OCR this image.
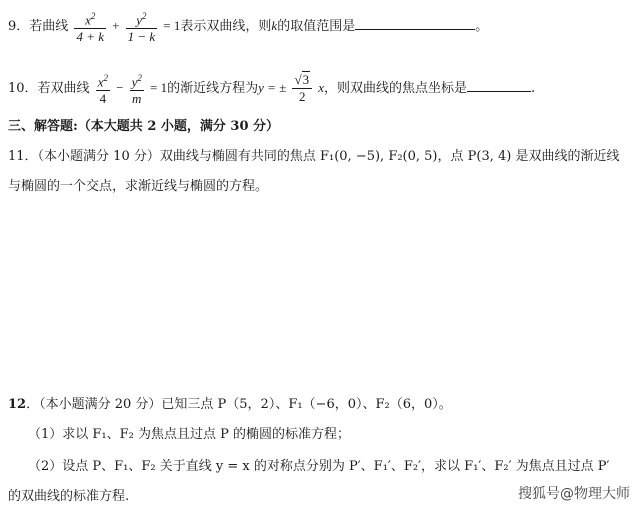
9．若曲线 $\frac{x^2}{4 + k} + \frac{y^2}{1 - k} = 1$表示双曲线，则k的取值范围是	。
10．若双曲线 $\frac{x^2}{4} - \frac{y^2}{m} = 1$的渐近线方程为y = ± $\frac{√3}{2}$ x，则双曲线的焦点坐标是	.
三、解答题:（本大题共 2 小题，满分 30 分）
11．（本小题满分 10 分）双曲线与椭圆有共同的焦点 F₁(0, −5), F₂(0, 5)，点 P(3, 4) 是双曲线的渐近线
与椭圆的一个交点，求渐近线与椭圆的方程。
12．（本小题满分 20 分）已知三点 P（5，2）、F₁（−6，0）、F₂（6，0）。
（1）求以 F₁、F₂ 为焦点且过点 P 的椭圆的标准方程；
（2）设点 P、F₁、F₂ 关于直线 y = x 的对称点分别为 P′、F₁′、F₂′，求以 F₁′、F₂′ 为焦点且过点 P′
的双曲线的标准方程.	搜狐号@物理大师
